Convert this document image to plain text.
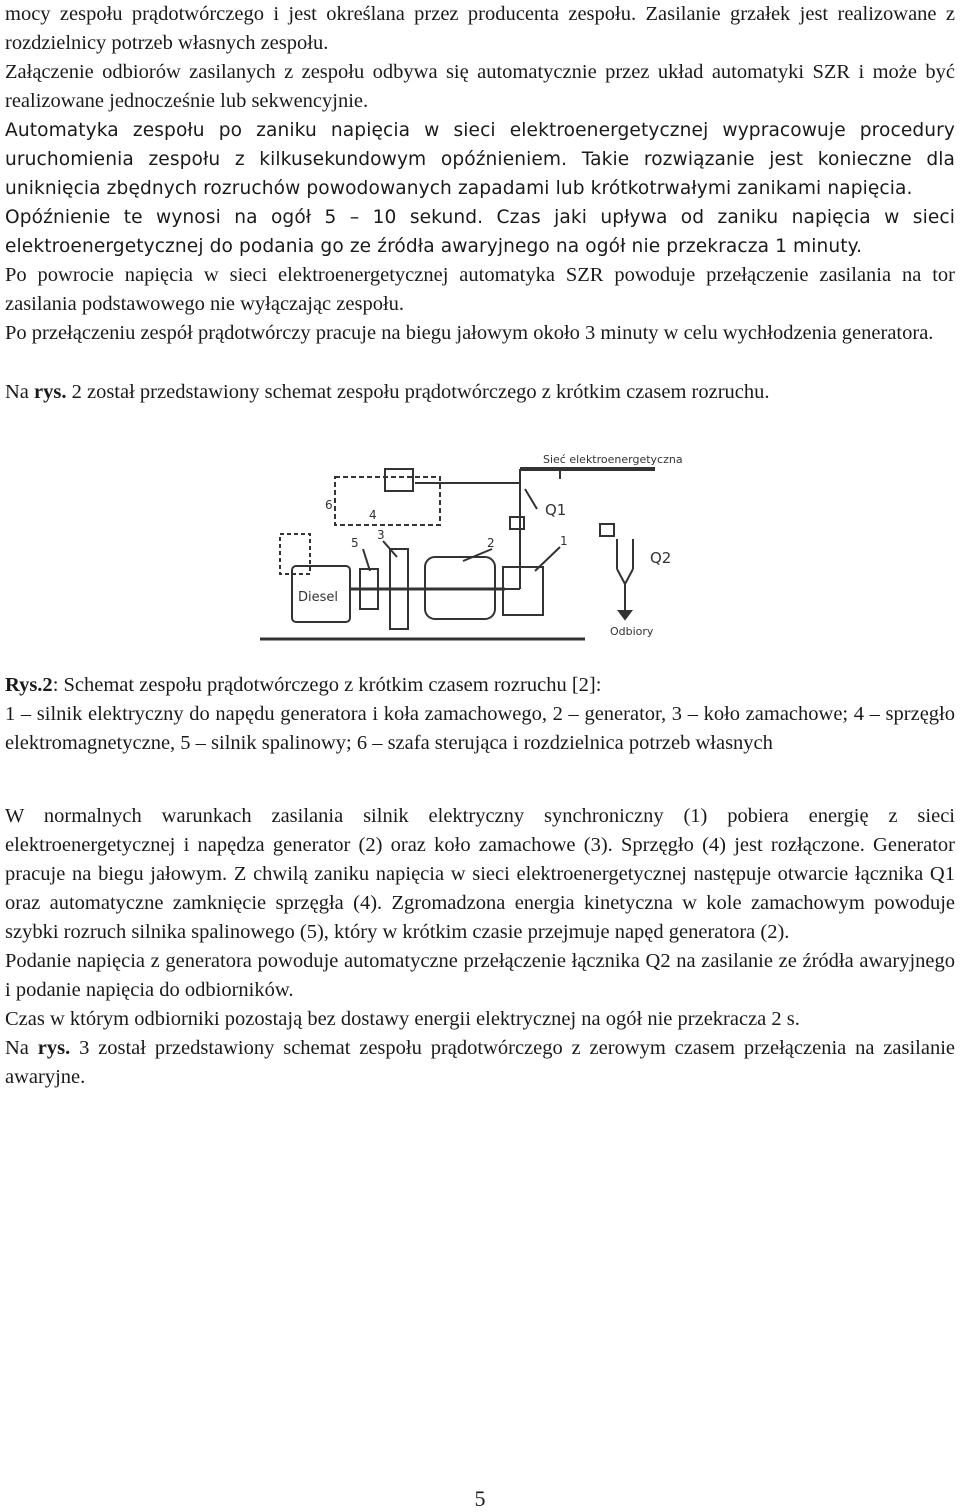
mocy zespołu prądotwórczego i jest określana przez producenta zespołu. Zasilanie grzałek jest realizowane z rozdzielnicy potrzeb własnych zespołu.

Załączenie odbiorów zasilanych z zespołu odbywa się automatycznie przez układ automatyki SZR i może być realizowane jednocześnie lub sekwencyjnie.

Automatyka zespołu po zaniku napięcia w sieci elektroenergetycznej wypracowuje procedury uruchomienia zespołu z kilkusekundowym opóźnieniem. Takie rozwiązanie jest konieczne dla uniknięcia zbędnych rozruchów powodowanych zapadami lub krótkotrwałymi zanikami napięcia.

Opóźnienie te wynosi na ogół 5 – 10 sekund. Czas jaki upływa od zaniku napięcia w sieci elektroenergetycznej do podania go ze źródła awaryjnego na ogół nie przekracza 1 minuty.

Po powrocie napięcia w sieci elektroenergetycznej automatyka SZR powoduje przełączenie zasilania na tor zasilania podstawowego nie wyłączając zespołu.

Po przełączeniu zespół prądotwórczy pracuje na biegu jałowym około 3 minuty w celu wychłodzenia generatora.

Na rys. 2 został przedstawiony schemat zespołu prądotwórczego z krótkim czasem rozruchu.

Sieć elektroenergetyczna
Q1
Q2
Odbiory
Diesel
2	1
5
3
4
6

Rys.2: Schemat zespołu prądotwórczego z krótkim czasem rozruchu [2]:

1 – silnik elektryczny do napędu generatora i koła zamachowego, 2 – generator, 3 – koło zamachowe; 4 – sprzęgło elektromagnetyczne, 5 – silnik spalinowy; 6 – szafa sterująca i rozdzielnica potrzeb własnych

W normalnych warunkach zasilania silnik elektryczny synchroniczny (1) pobiera energię z sieci elektroenergetycznej i napędza generator (2) oraz koło zamachowe (3). Sprzęgło (4) jest rozłączone. Generator pracuje na biegu jałowym. Z chwilą zaniku napięcia w sieci elektroenergetycznej następuje otwarcie łącznika Q1 oraz automatyczne zamknięcie sprzęgła (4). Zgromadzona energia kinetyczna w kole zamachowym powoduje szybki rozruch silnika spalinowego (5), który w krótkim czasie przejmuje napęd generatora (2).

Podanie napięcia z generatora powoduje automatyczne przełączenie łącznika Q2 na zasilanie ze źródła awaryjnego i podanie napięcia do odbiorników.

Czas w którym odbiorniki pozostają bez dostawy energii elektrycznej na ogół nie przekracza 2 s.

Na rys. 3 został przedstawiony schemat zespołu prądotwórczego z zerowym czasem przełączenia na zasilanie awaryjne.

5
